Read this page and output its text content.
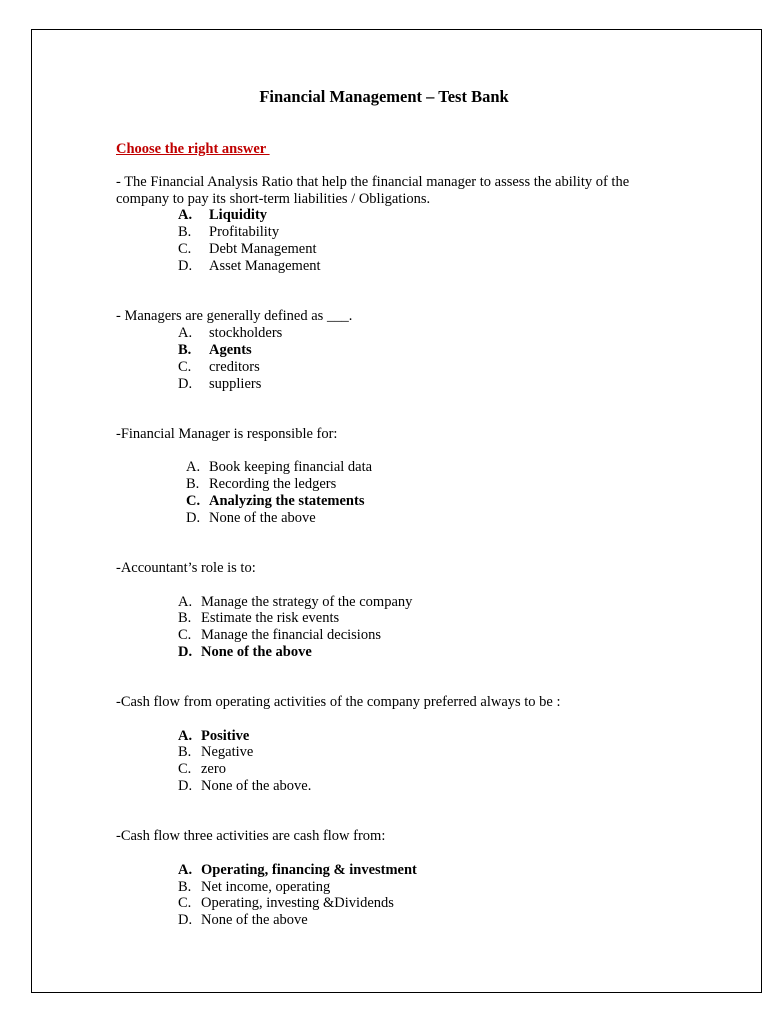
Financial Management – Test Bank
Choose the right answer
- The Financial Analysis Ratio that help the financial manager to assess the ability of the company to pay its short-term liabilities / Obligations.
A. Liquidity
B. Profitability
C. Debt Management
D. Asset Management
- Managers are generally defined as ___.
A. stockholders
B. Agents
C. creditors
D. suppliers
-Financial Manager is responsible for:
A. Book keeping financial data
B. Recording the ledgers
C. Analyzing the statements
D. None of the above
-Accountant’s role is to:
A. Manage the strategy of the company
B. Estimate the risk events
C. Manage the financial decisions
D. None of the above
-Cash flow from operating activities of the company preferred always to be :
A. Positive
B. Negative
C. zero
D. None of the above.
-Cash flow three activities are cash flow from:
A. Operating, financing & investment
B. Net income, operating
C. Operating, investing &Dividends
D. None of the above
